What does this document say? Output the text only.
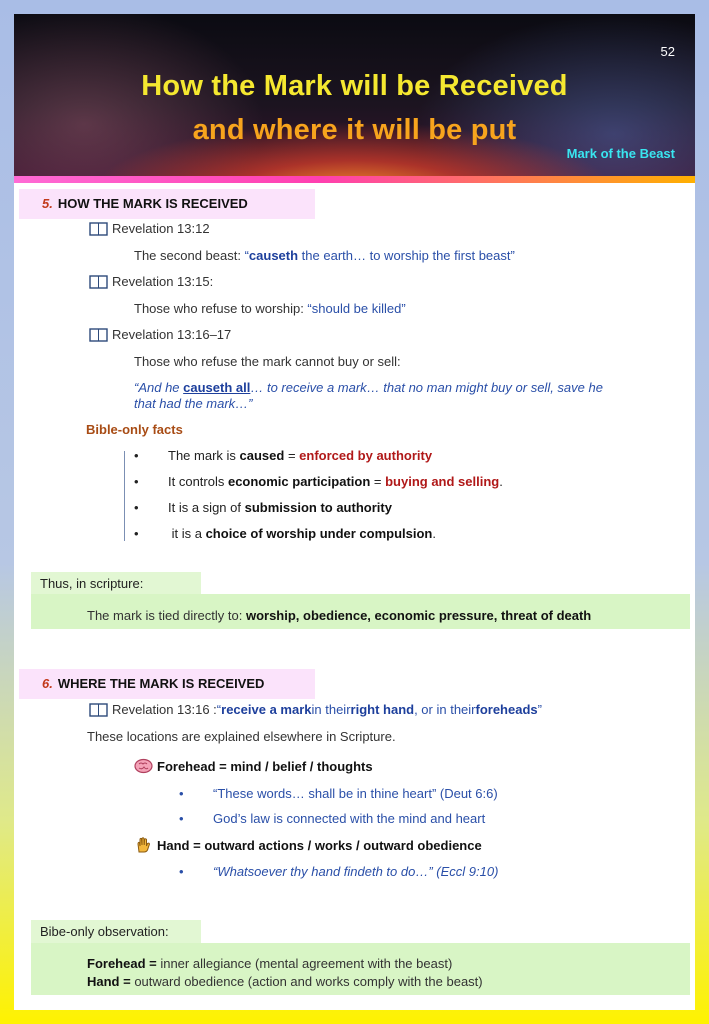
52
How the Mark will be Received
and where it will be put
Mark of the Beast
5. HOW THE MARK IS RECEIVED
Revelation 13:12
The second beast: “causeth the earth… to worship the first beast”
Revelation 13:15:
Those who refuse to worship: “should be killed”
Revelation 13:16–17
Those who refuse the mark cannot buy or sell:
“And he causeth all… to receive a mark… that no man might buy or sell, save he
that had the mark…”
Bible-only facts
• The mark is caused = enforced by authority
• It controls economic participation = buying and selling.
• It is a sign of submission to authority
• it is a choice of worship under compulsion.
Thus, in scripture:
The mark is tied directly to: worship, obedience, economic pressure, threat of death
6. WHERE THE MARK IS RECEIVED
Revelation 13:16 : “ receive a mark in their right hand , or in their foreheads ”
These locations are explained elsewhere in Scripture.
Forehead = mind / belief / thoughts
• “These words… shall be in thine heart” (Deut 6:6)
• God’s law is connected with the mind and heart
Hand = outward actions / works / outward obedience
• “Whatsoever thy hand findeth to do…” (Eccl 9:10)
Bibe-only observation:
Forehead = inner allegiance (mental agreement with the beast)
Hand = outward obedience (action and works comply with the beast)
